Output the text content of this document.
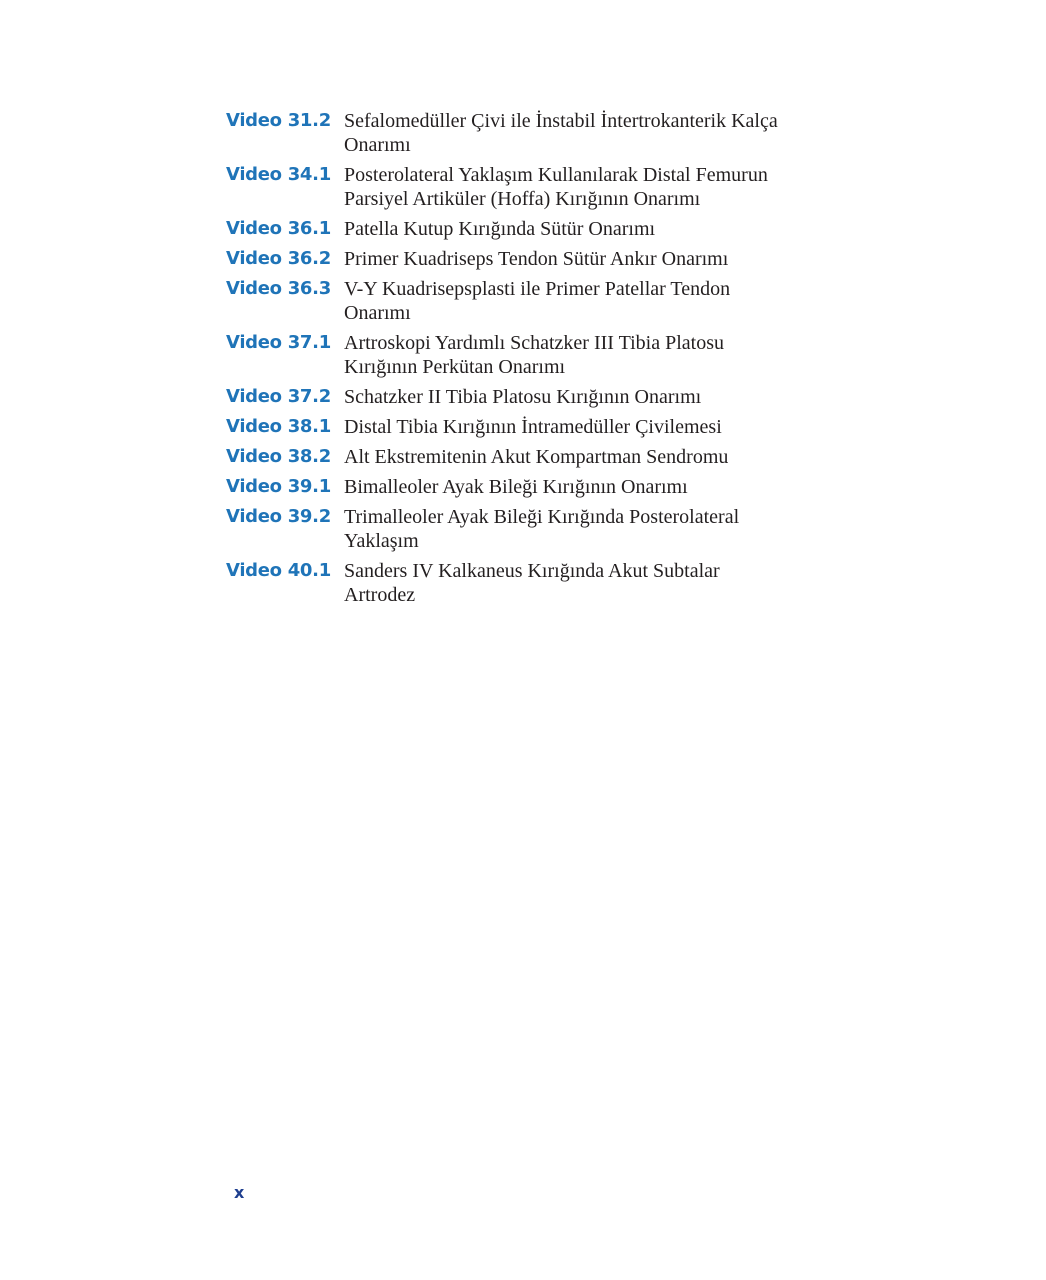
Video 31.2 Sefalomedüller Çivi ile İnstabil İntertrokanterik Kalça Onarımı
Video 34.1 Posterolateral Yaklaşım Kullanılarak Distal Femurun Parsiyel Artiküler (Hoffa) Kırığının Onarımı
Video 36.1 Patella Kutup Kırığında Sütür Onarımı
Video 36.2 Primer Kuadriseps Tendon Sütür Ankır Onarımı
Video 36.3 V-Y Kuadrisepsplasti ile Primer Patellar Tendon Onarımı
Video 37.1 Artroskopi Yardımlı Schatzker III Tibia Platosu Kırığının Perkütan Onarımı
Video 37.2 Schatzker II Tibia Platosu Kırığının Onarımı
Video 38.1 Distal Tibia Kırığının İntramedüller Çivilemesi
Video 38.2 Alt Ekstremitenin Akut Kompartman Sendromu
Video 39.1 Bimalleoler Ayak Bileği Kırığının Onarımı
Video 39.2 Trimalleoler Ayak Bileği Kırığında Posterolateral Yaklaşım
Video 40.1 Sanders IV Kalkaneus Kırığında Akut Subtalar Artrodez
x
